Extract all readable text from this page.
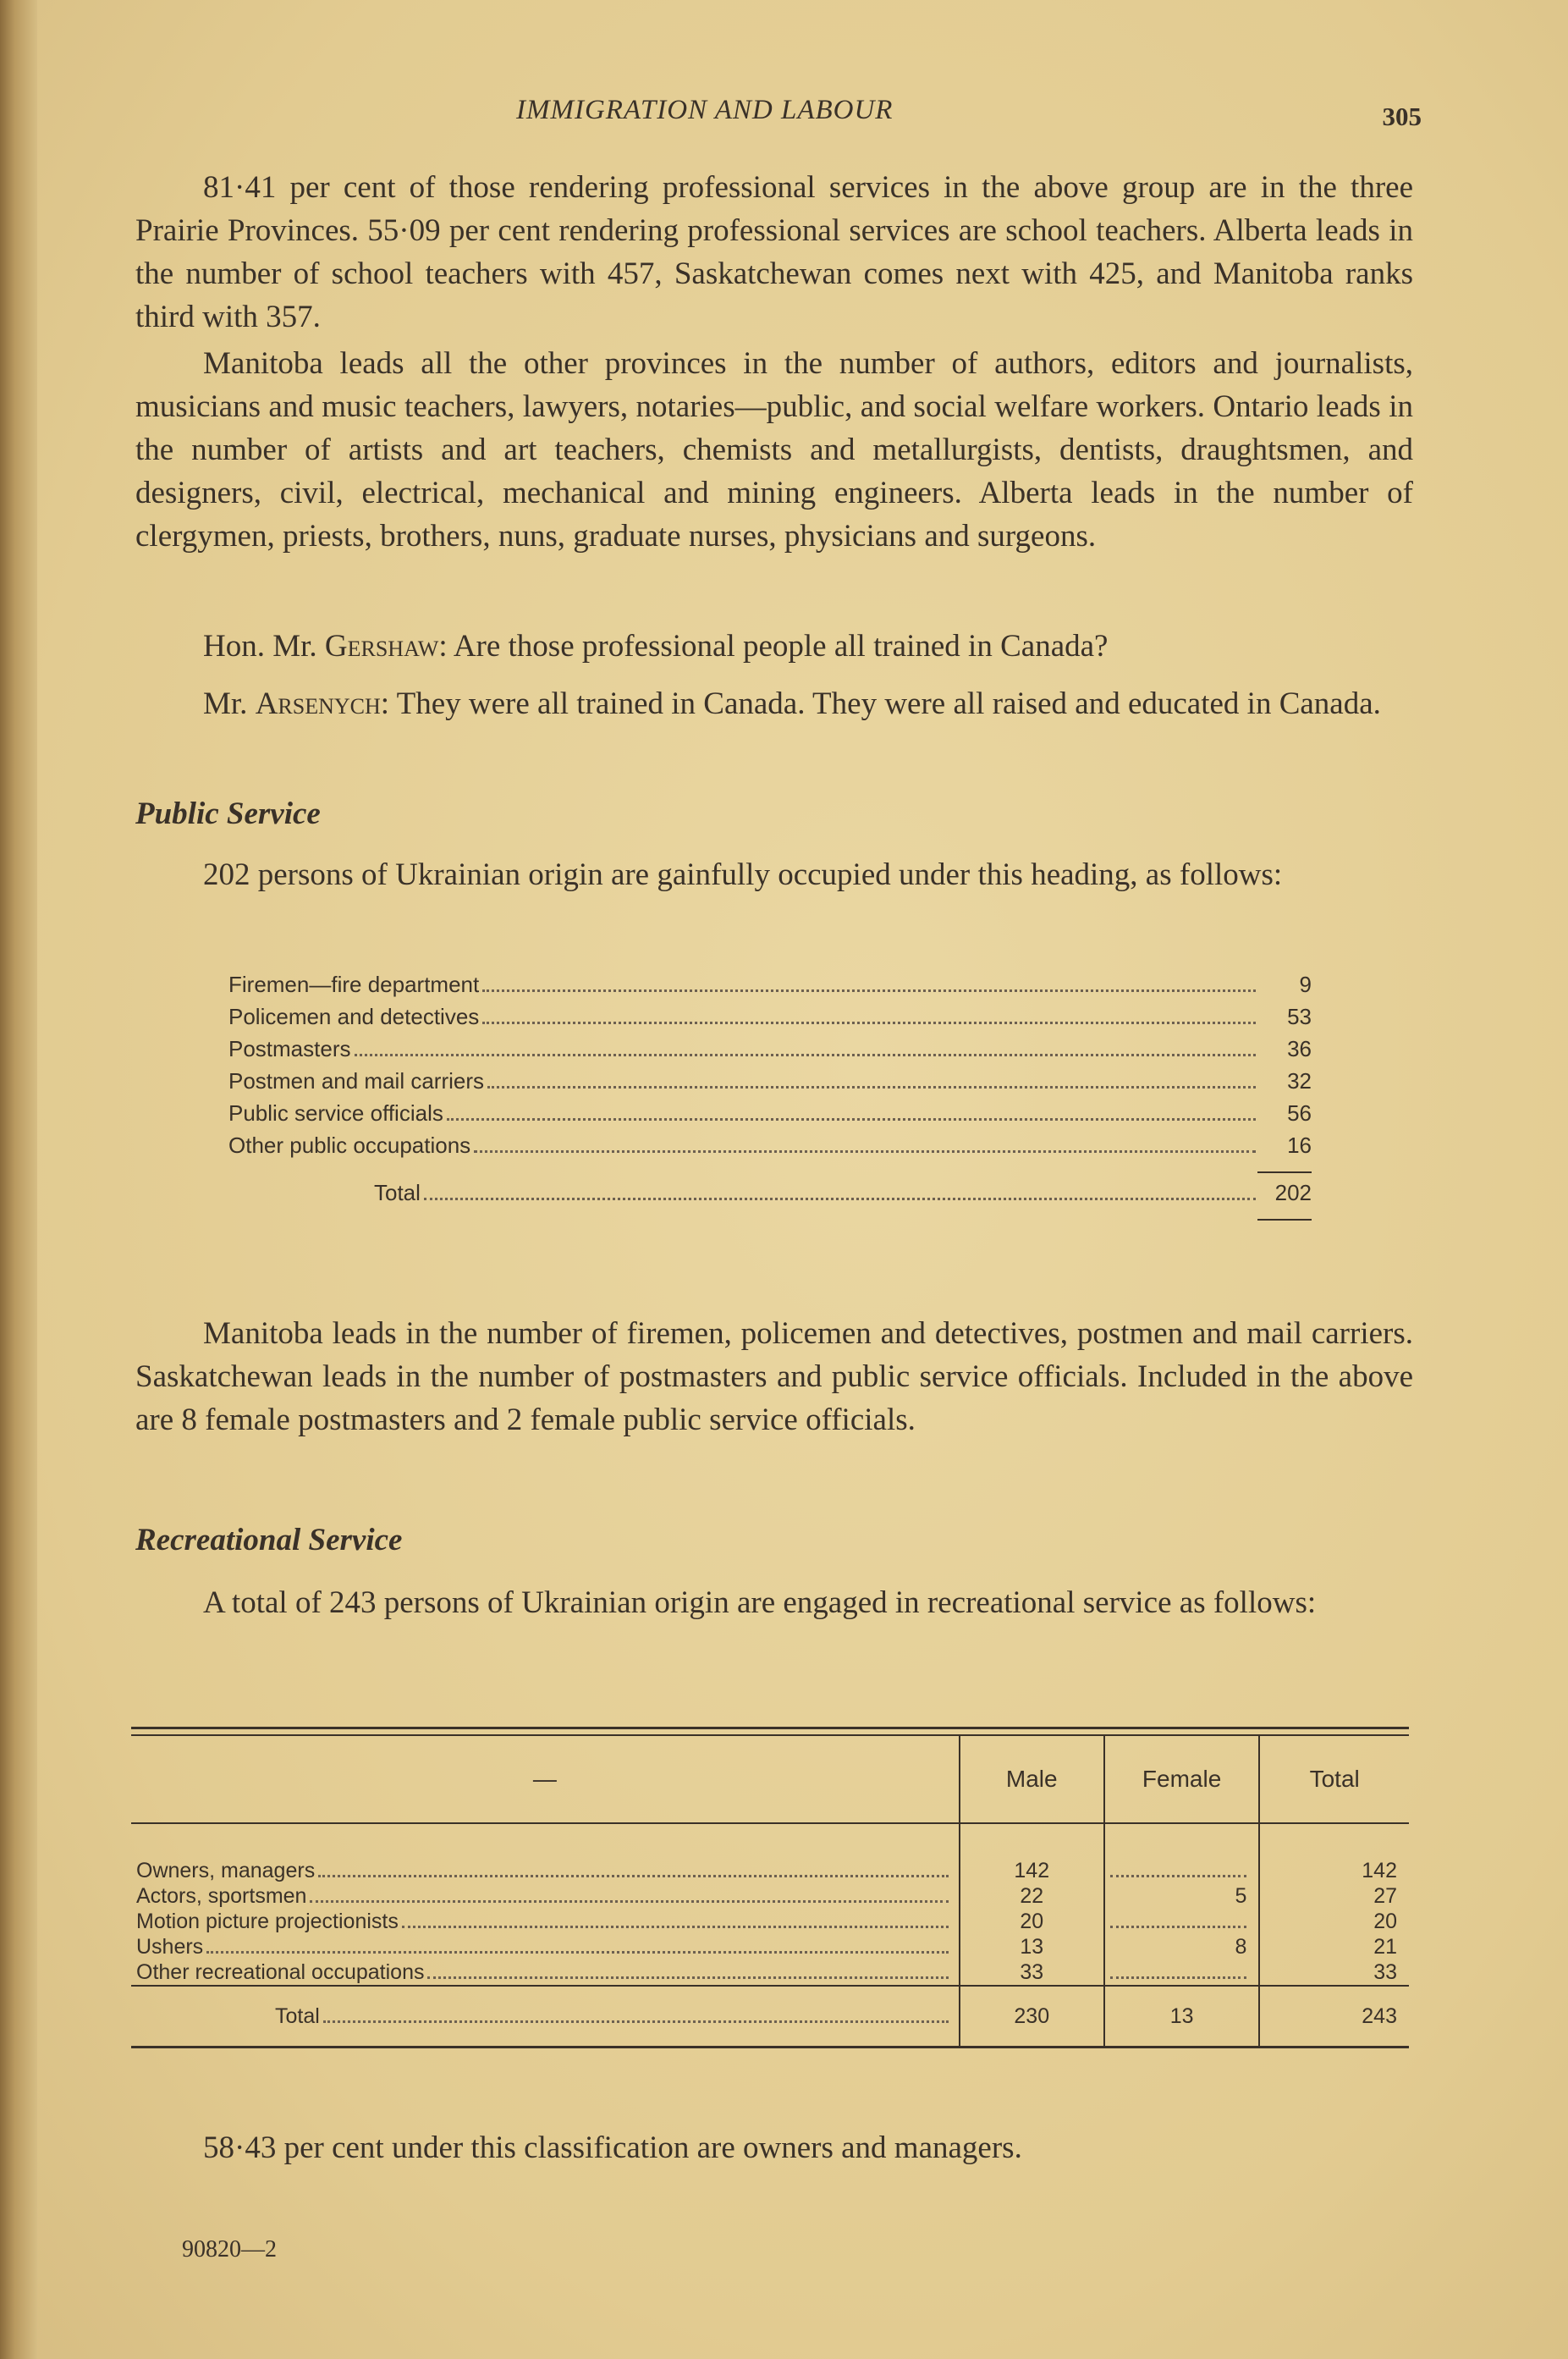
IMMIGRATION AND LABOUR	305

81·41 per cent of those rendering professional services in the above group are in the three Prairie Provinces. 55·09 per cent rendering professional services are school teachers. Alberta leads in the number of school teachers with 457, Saskatchewan comes next with 425, and Manitoba ranks third with 357.

Manitoba leads all the other provinces in the number of authors, editors and journalists, musicians and music teachers, lawyers, notaries—public, and social welfare workers. Ontario leads in the number of artists and art teachers, chemists and metallurgists, dentists, draughtsmen, and designers, civil, electrical, mechanical and mining engineers. Alberta leads in the number of clergymen, priests, brothers, nuns, graduate nurses, physicians and surgeons.

Hon. Mr. Gershaw: Are those professional people all trained in Canada?

Mr. Arsenych: They were all trained in Canada. They were all raised and educated in Canada.

Public Service

202 persons of Ukrainian origin are gainfully occupied under this heading, as follows:

Firemen—fire department	9
Policemen and detectives	53
Postmasters	36
Postmen and mail carriers	32
Public service officials	56
Other public occupations	16
Total	202

Manitoba leads in the number of firemen, policemen and detectives, postmen and mail carriers. Saskatchewan leads in the number of postmasters and public service officials. Included in the above are 8 female postmasters and 2 female public service officials.

Recreational Service

A total of 243 persons of Ukrainian origin are engaged in recreational service as follows:

—	Male	Female	Total

Owners, managers	142		142

Actors, sportsmen	22	5	27

Motion picture projectionists	20		20

Ushers	13	8	21

Other recreational occupations	33		33

Total	230	13	243

58·43 per cent under this classification are owners and managers.

90820—2
